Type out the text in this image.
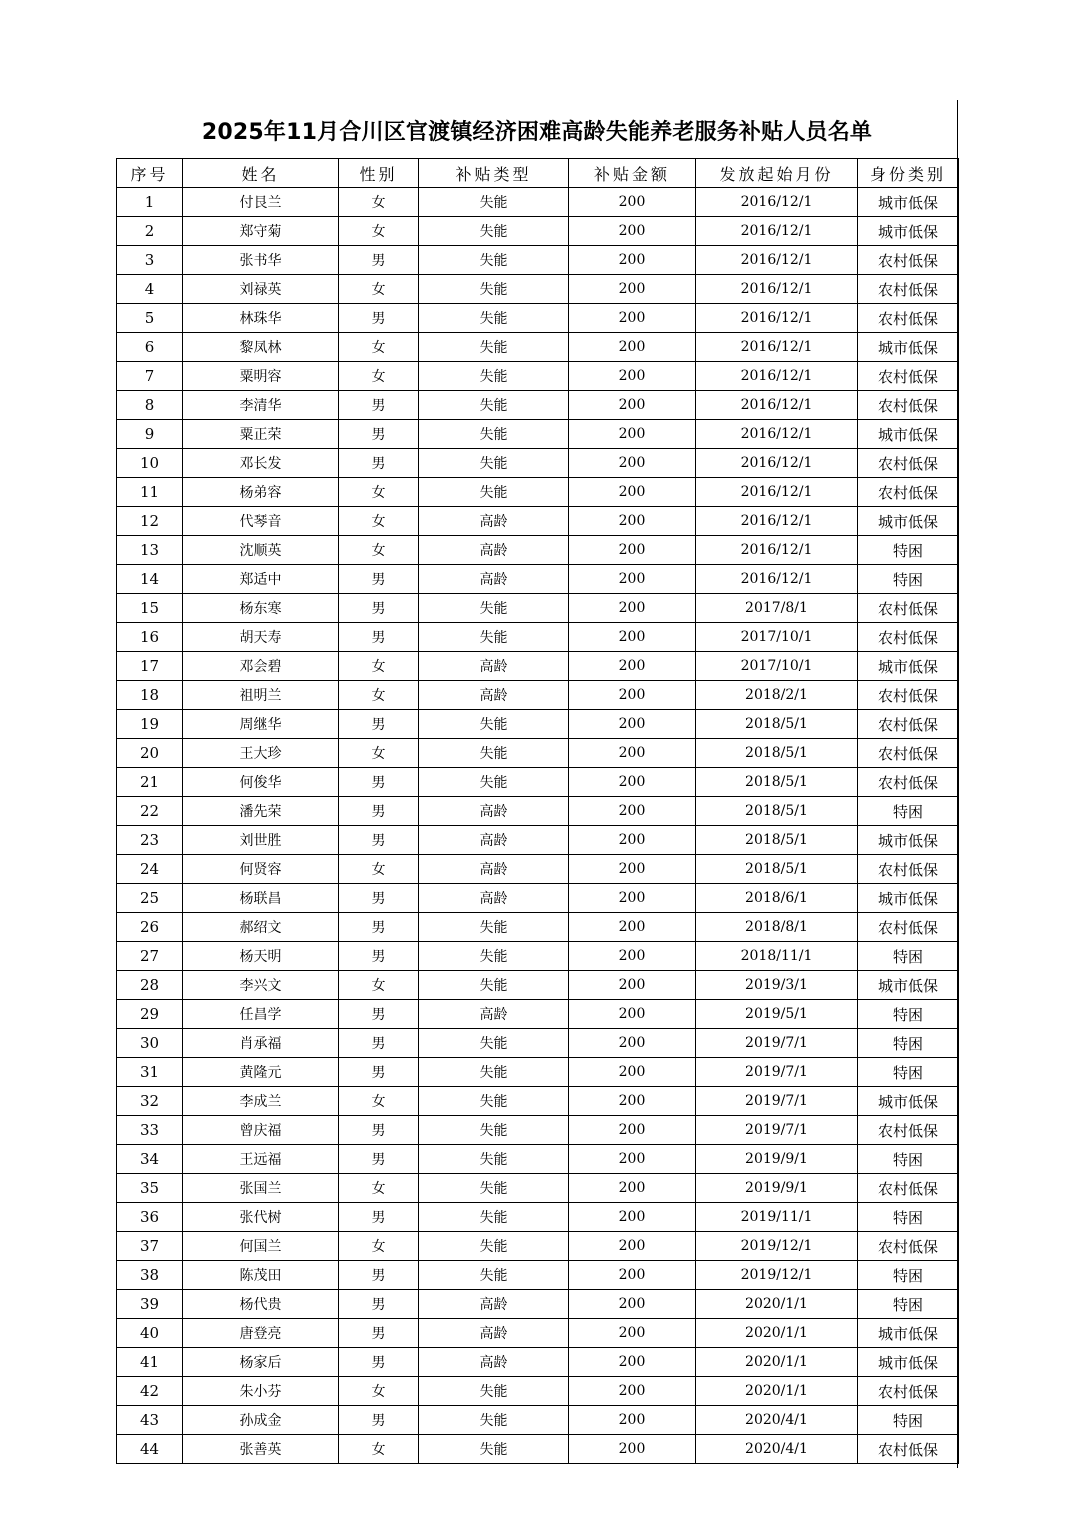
2025年11月合川区官渡镇经济困难高龄失能养老服务补贴人员名单
序号	姓名	性别	补贴类型	补贴金额	发放起始月份	身份类别
1	付艮兰	女	失能	200	2016/12/1	城市低保
2	郑守菊	女	失能	200	2016/12/1	城市低保
3	张书华	男	失能	200	2016/12/1	农村低保
4	刘禄英	女	失能	200	2016/12/1	农村低保
5	林珠华	男	失能	200	2016/12/1	农村低保
6	黎凤林	女	失能	200	2016/12/1	城市低保
7	粟明容	女	失能	200	2016/12/1	农村低保
8	李清华	男	失能	200	2016/12/1	农村低保
9	粟正荣	男	失能	200	2016/12/1	城市低保
10	邓长发	男	失能	200	2016/12/1	农村低保
11	杨弟容	女	失能	200	2016/12/1	农村低保
12	代琴音	女	高龄	200	2016/12/1	城市低保
13	沈顺英	女	高龄	200	2016/12/1	特困
14	郑适中	男	高龄	200	2016/12/1	特困
15	杨东寒	男	失能	200	2017/8/1	农村低保
16	胡天寿	男	失能	200	2017/10/1	农村低保
17	邓会碧	女	高龄	200	2017/10/1	城市低保
18	祖明兰	女	高龄	200	2018/2/1	农村低保
19	周继华	男	失能	200	2018/5/1	农村低保
20	王大珍	女	失能	200	2018/5/1	农村低保
21	何俊华	男	失能	200	2018/5/1	农村低保
22	潘先荣	男	高龄	200	2018/5/1	特困
23	刘世胜	男	高龄	200	2018/5/1	城市低保
24	何贤容	女	高龄	200	2018/5/1	农村低保
25	杨联昌	男	高龄	200	2018/6/1	城市低保
26	郝绍文	男	失能	200	2018/8/1	农村低保
27	杨天明	男	失能	200	2018/11/1	特困
28	李兴文	女	失能	200	2019/3/1	城市低保
29	任昌学	男	高龄	200	2019/5/1	特困
30	肖承福	男	失能	200	2019/7/1	特困
31	黄隆元	男	失能	200	2019/7/1	特困
32	李成兰	女	失能	200	2019/7/1	城市低保
33	曾庆福	男	失能	200	2019/7/1	农村低保
34	王远福	男	失能	200	2019/9/1	特困
35	张国兰	女	失能	200	2019/9/1	农村低保
36	张代树	男	失能	200	2019/11/1	特困
37	何国兰	女	失能	200	2019/12/1	农村低保
38	陈茂田	男	失能	200	2019/12/1	特困
39	杨代贵	男	高龄	200	2020/1/1	特困
40	唐登亮	男	高龄	200	2020/1/1	城市低保
41	杨家后	男	高龄	200	2020/1/1	城市低保
42	朱小芬	女	失能	200	2020/1/1	农村低保
43	孙成金	男	失能	200	2020/4/1	特困
44	张善英	女	失能	200	2020/4/1	农村低保
